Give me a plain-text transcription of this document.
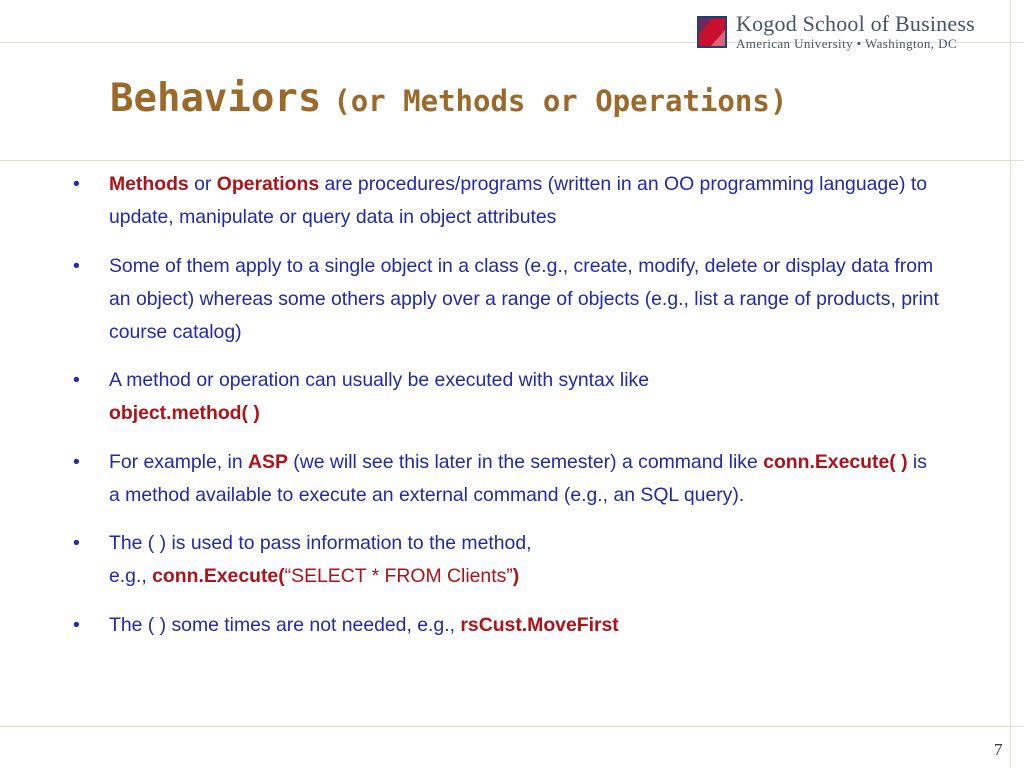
Kogod School of Business
American University • Washington, DC
Behaviors (or Methods or Operations)
• Methods or Operations are procedures/programs (written in an OO programming language) to update, manipulate or query data in object attributes
• Some of them apply to a single object in a class (e.g., create, modify, delete or display data from an object) whereas some others apply over a range of objects (e.g., list a range of products, print course catalog)
• A method or operation can usually be executed with syntax like
object.method( )
• For example, in ASP (we will see this later in the semester) a command like conn.Execute( ) is a method available to execute an external command (e.g., an SQL query).
• The ( ) is used to pass information to the method,
e.g., conn.Execute(“SELECT * FROM Clients”)
• The ( ) some times are not needed, e.g., rsCust.MoveFirst
7
